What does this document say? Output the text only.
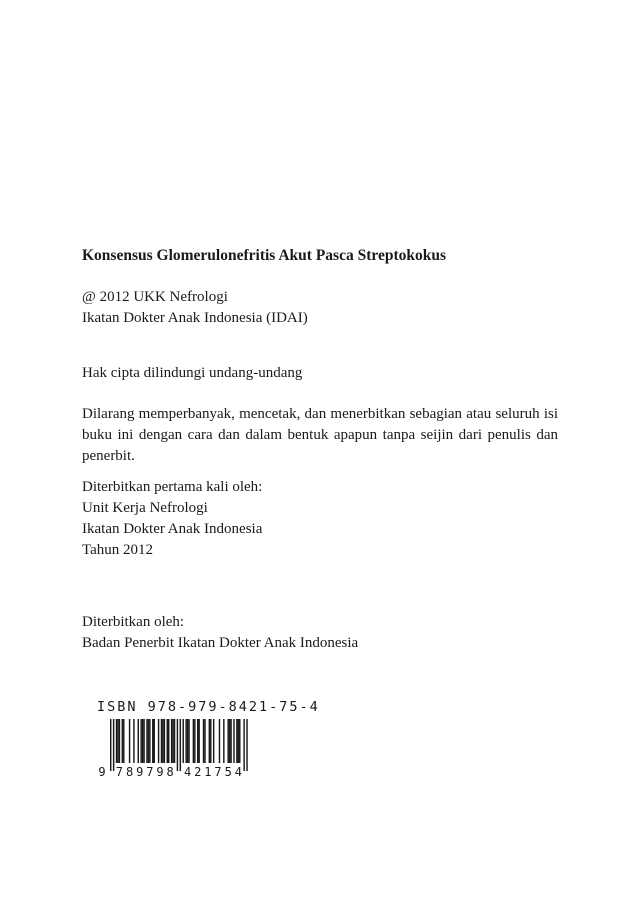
Konsensus Glomerulonefritis Akut Pasca Streptokokus
@ 2012 UKK Nefrologi
Ikatan Dokter Anak Indonesia (IDAI)
Hak cipta dilindungi undang-undang
Dilarang memperbanyak, mencetak, dan menerbitkan sebagian atau seluruh isi buku ini dengan cara dan dalam bentuk apapun tanpa seijin dari penulis dan penerbit.
Diterbitkan pertama kali oleh:
Unit Kerja Nefrologi
Ikatan Dokter Anak Indonesia
Tahun 2012
Diterbitkan oleh:
Badan Penerbit Ikatan Dokter Anak Indonesia
ISBN 978-979-8421-75-4
9 7 8 9 7 9 8 4 2 1 7 5 4
